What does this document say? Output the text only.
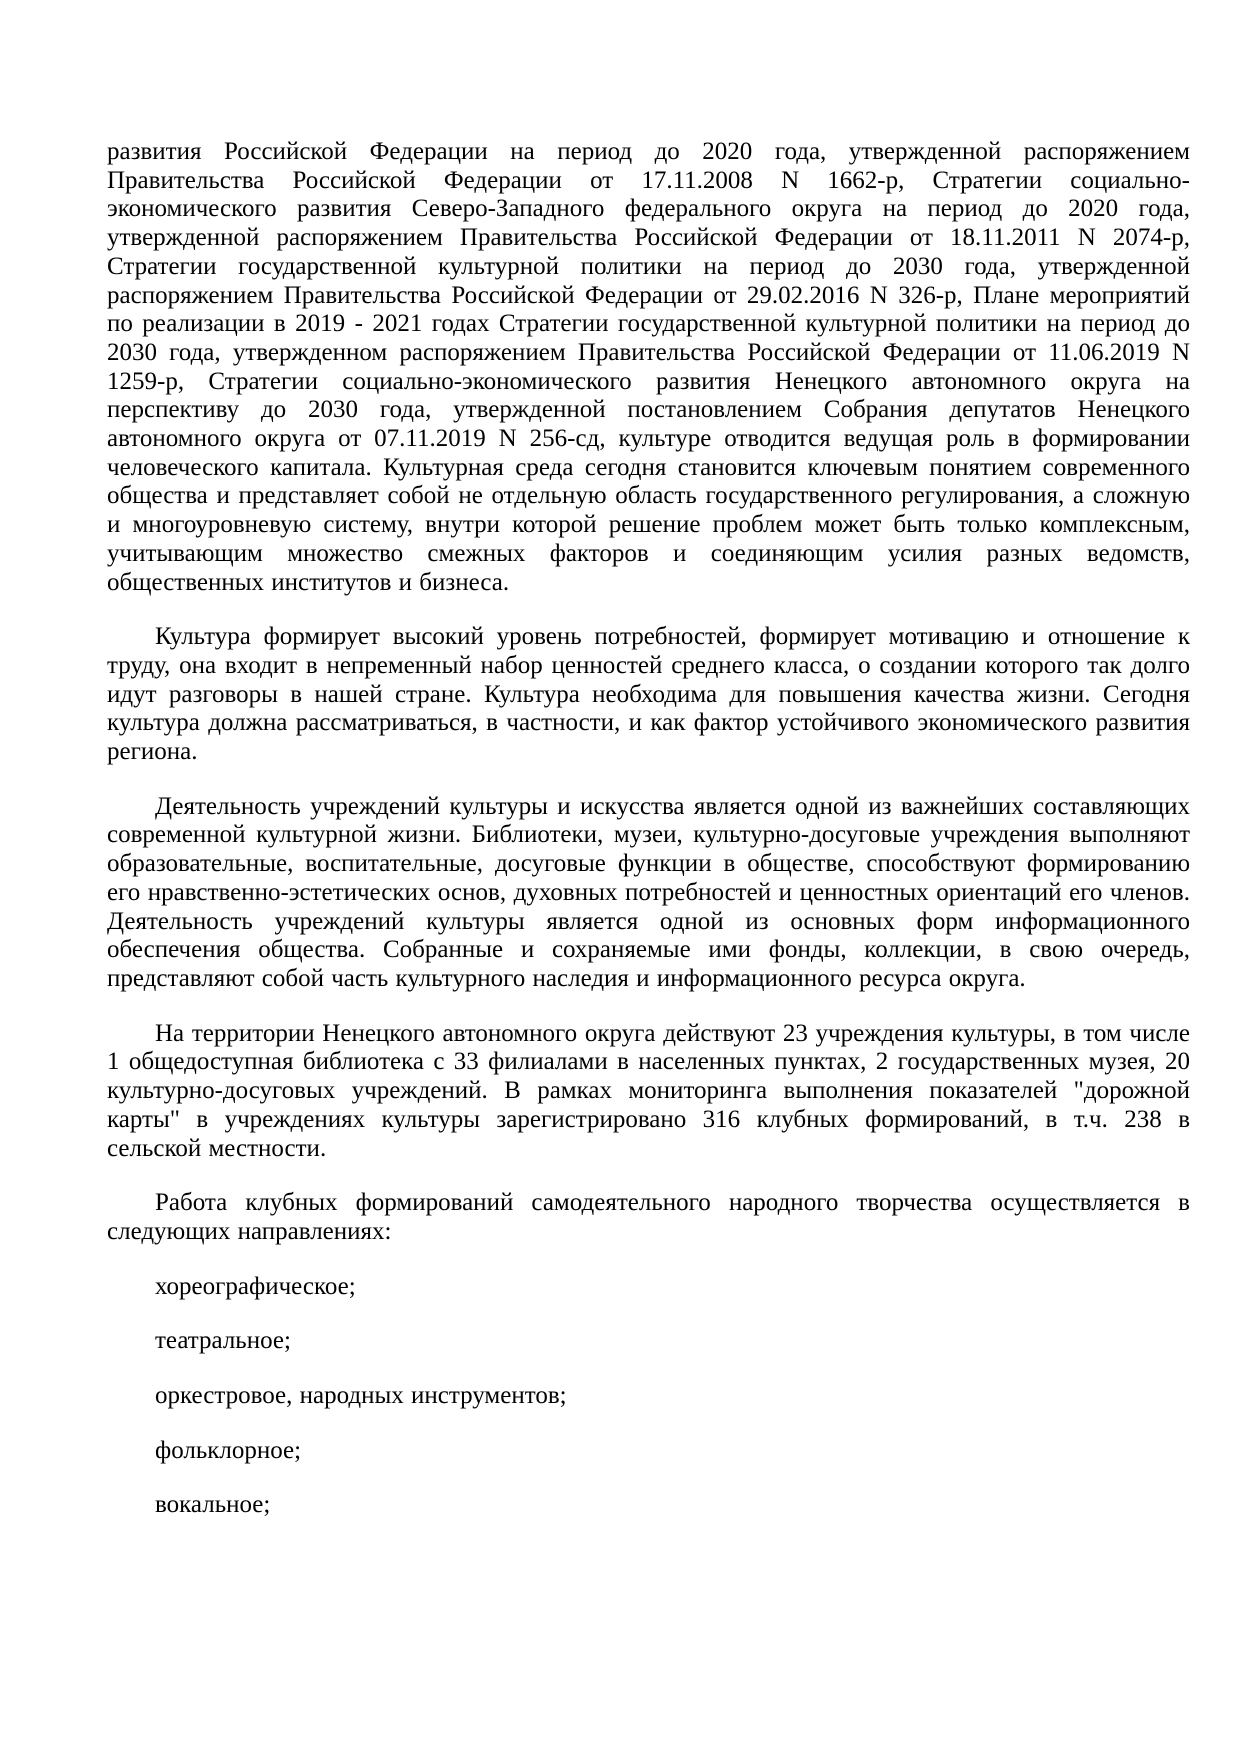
развития Российской Федерации на период до 2020 года, утвержденной распоряжением Правительства Российской Федерации от 17.11.2008 N 1662-р, Стратегии социально-экономического развития Северо-Западного федерального округа на период до 2020 года, утвержденной распоряжением Правительства Российской Федерации от 18.11.2011 N 2074-р, Стратегии государственной культурной политики на период до 2030 года, утвержденной распоряжением Правительства Российской Федерации от 29.02.2016 N 326-р, Плане мероприятий по реализации в 2019 - 2021 годах Стратегии государственной культурной политики на период до 2030 года, утвержденном распоряжением Правительства Российской Федерации от 11.06.2019 N 1259-р, Стратегии социально-экономического развития Ненецкого автономного округа на перспективу до 2030 года, утвержденной постановлением Собрания депутатов Ненецкого автономного округа от 07.11.2019 N 256-сд, культуре отводится ведущая роль в формировании человеческого капитала. Культурная среда сегодня становится ключевым понятием современного общества и представляет собой не отдельную область государственного регулирования, а сложную и многоуровневую систему, внутри которой решение проблем может быть только комплексным, учитывающим множество смежных факторов и соединяющим усилия разных ведомств, общественных институтов и бизнеса.

Культура формирует высокий уровень потребностей, формирует мотивацию и отношение к труду, она входит в непременный набор ценностей среднего класса, о создании которого так долго идут разговоры в нашей стране. Культура необходима для повышения качества жизни. Сегодня культура должна рассматриваться, в частности, и как фактор устойчивого экономического развития региона.

Деятельность учреждений культуры и искусства является одной из важнейших составляющих современной культурной жизни. Библиотеки, музеи, культурно-досуговые учреждения выполняют образовательные, воспитательные, досуговые функции в обществе, способствуют формированию его нравственно-эстетических основ, духовных потребностей и ценностных ориентаций его членов. Деятельность учреждений культуры является одной из основных форм информационного обеспечения общества. Собранные и сохраняемые ими фонды, коллекции, в свою очередь, представляют собой часть культурного наследия и информационного ресурса округа.

На территории Ненецкого автономного округа действуют 23 учреждения культуры, в том числе 1 общедоступная библиотека с 33 филиалами в населенных пунктах, 2 государственных музея, 20 культурно-досуговых учреждений. В рамках мониторинга выполнения показателей "дорожной карты" в учреждениях культуры зарегистрировано 316 клубных формирований, в т.ч. 238 в сельской местности.

Работа клубных формирований самодеятельного народного творчества осуществляется в следующих направлениях:

хореографическое;

театральное;

оркестровое, народных инструментов;

фольклорное;

вокальное;
